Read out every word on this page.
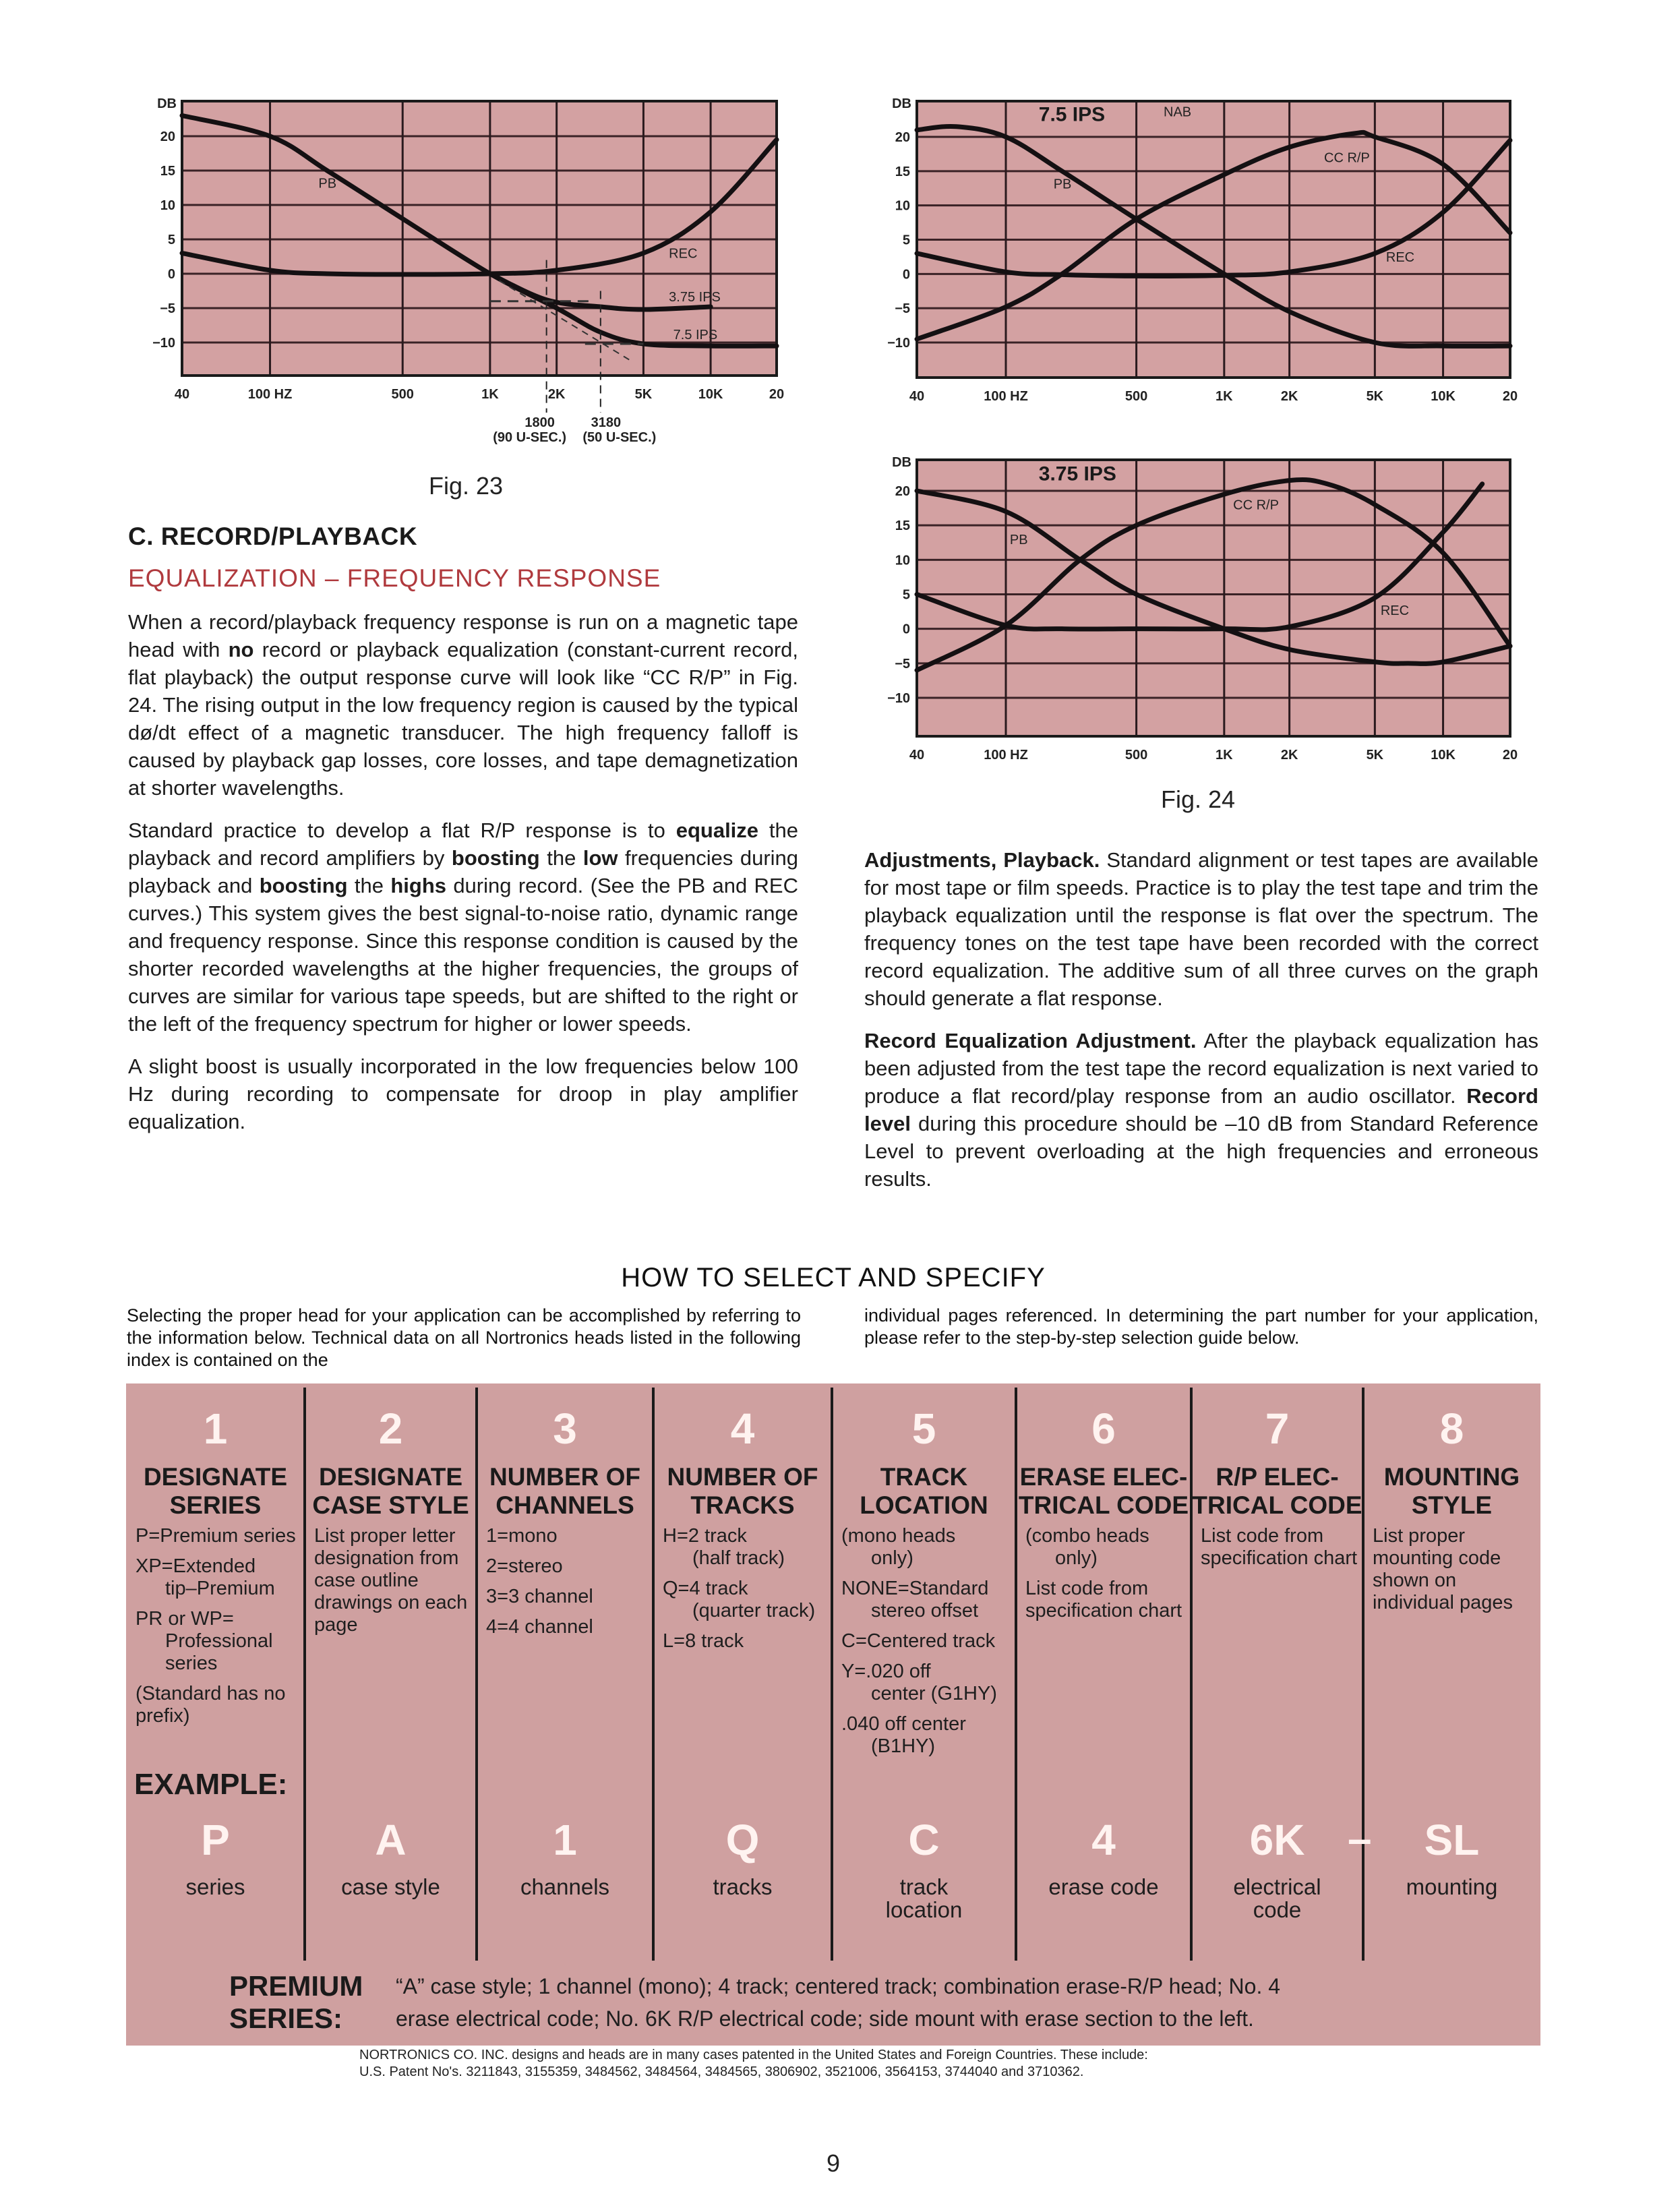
20
15
10
5
0
−5
−10
DB
40	100 HZ	500	1K	2K	5K	10K	20
PB
REC
3.75 IPS
7.5 IPS
1800
(90 U-SEC.)
3180
(50 U-SEC.)
Fig. 23
20
15
10
5
0
−5
−10
DB
40	100 HZ	500	1K	2K	5K	10K	20
7.5 IPS	NAB
PB
CC R/P
REC
20
15
10
5
0
−5
−10
DB
40	100 HZ	500	1K	2K	5K	10K	20
3.75 IPS
PB
CC R/P
REC
Fig. 24
C. RECORD/PLAYBACK
EQUALIZATION – FREQUENCY RESPONSE

When a record/playback frequency response is run on a magnetic tape head with no record or playback equalization (constant-current record, flat playback) the output response curve will look like “CC R/P” in Fig. 24. The rising output in the low frequency region is caused by the typical dø/dt effect of a magnetic transducer. The high frequency falloff is caused by playback gap losses, core losses, and tape demagnetization at shorter wavelengths.

Standard practice to develop a flat R/P response is to equalize the playback and record amplifiers by boosting the low frequencies during playback and boosting the highs during record. (See the PB and REC curves.) This system gives the best signal-to-noise ratio, dynamic range and frequency response. Since this response condition is caused by the shorter recorded wavelengths at the higher frequencies, the groups of curves are similar for various tape speeds, but are shifted to the right or the left of the frequency spectrum for higher or lower speeds.

A slight boost is usually incorporated in the low frequencies below 100 Hz during recording to compensate for droop in play amplifier equalization.

Adjustments, Playback. Standard alignment or test tapes are available for most tape or film speeds. Practice is to play the test tape and trim the playback equalization until the response is flat over the spectrum. The frequency tones on the test tape have been recorded with the correct record equalization. The additive sum of all three curves on the graph should generate a flat response.

Record Equalization Adjustment. After the playback equalization has been adjusted from the test tape the record equalization is next varied to produce a flat record/play response from an audio oscillator. Record level during this procedure should be –10 dB from Standard Reference Level to prevent overloading at the high frequencies and erroneous results.

HOW TO SELECT AND SPECIFY
Selecting the proper head for your application can be accomplished by referring to the information below. Technical data on all Nortronics heads listed in the following index is contained on the
individual pages referenced. In determining the part number for your application, please refer to the step-by-step selection guide below.
1
DESIGNATE
SERIES
P=Premium series
XP=Extended
tip–Premium
PR or WP=
Professional
series
(Standard has no prefix)
P
series
2
DESIGNATE
CASE STYLE
List proper letter designation from case outline drawings on each page
A
case style
3
NUMBER OF
CHANNELS
1=mono
2=stereo
3=3 channel
4=4 channel
1
channels
4
NUMBER OF
TRACKS
H=2 track
(half track)
Q=4 track
(quarter track)
L=8 track
Q
tracks
5
TRACK
LOCATION
(mono heads
only)
NONE=Standard
stereo offset
C=Centered track
Y=.020 off
center (G1HY)
.040 off center
(B1HY)
C
track
location
6
ERASE ELEC-
TRICAL CODE
(combo heads
only)
List code from specification chart
4
erase code
7
R/P ELEC-
TRICAL CODE
List code from specification chart
6K
electrical
code
8
MOUNTING
STYLE
List proper mounting code shown on individual pages
SL
mounting
EXAMPLE:
–
PREMIUM
SERIES:
“A” case style; 1 channel (mono); 4 track; centered track; combination erase-R/P head; No. 4
erase electrical code; No. 6K R/P electrical code; side mount with erase section to the left.
NORTRONICS CO. INC. designs and heads are in many cases patented in the United States and Foreign Countries. These include:
U.S. Patent No's. 3211843, 3155359, 3484562, 3484564, 3484565, 3806902, 3521006, 3564153, 3744040 and 3710362.
9
